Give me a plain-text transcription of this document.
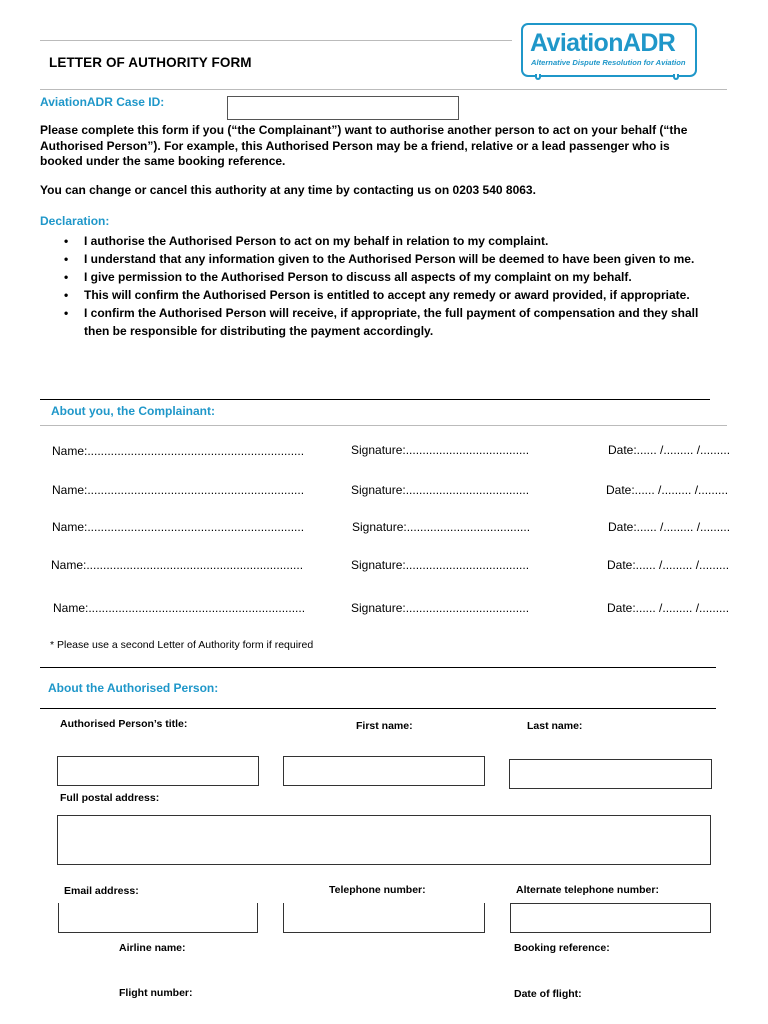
LETTER OF AUTHORITY FORM
AviationADR
Alternative Dispute Resolution for Aviation
AviationADR Case ID:
Please complete this form if you (“the Complainant”) want to authorise another person to act on your behalf (“the Authorised Person”). For example, this Authorised Person may be a friend, relative or a lead passenger who is booked under the same booking reference.
You can change or cancel this authority at any time by contacting us on 0203 540 8063.
Declaration:
• I authorise the Authorised Person to act on my behalf in relation to my complaint.
• I understand that any information given to the Authorised Person will be deemed to have been given to me.
• I give permission to the Authorised Person to discuss all aspects of my complaint on my behalf.
• This will confirm the Authorised Person is entitled to accept any remedy or award provided, if appropriate.
• I confirm the Authorised Person will receive, if appropriate, the full payment of compensation and they shall then be responsible for distributing the payment accordingly.
About you, the Complainant:
Name:.................................................................	Signature:.....................................	Date:...... /......... /.........
Name:.................................................................	Signature:.....................................	Date:...... /......... /.........
Name:.................................................................	Signature:.....................................	Date:...... /......... /.........
Name:.................................................................	Signature:.....................................	Date:...... /......... /.........
Name:.................................................................	Signature:.....................................	Date:...... /......... /.........
* Please use a second Letter of Authority form if required
About the Authorised Person:
Authorised Person’s title:	First name:	Last name:
Full postal address:
Email address:	Telephone number:	Alternate telephone number:
Airline name:	Booking reference:
Flight number:	Date of flight:
